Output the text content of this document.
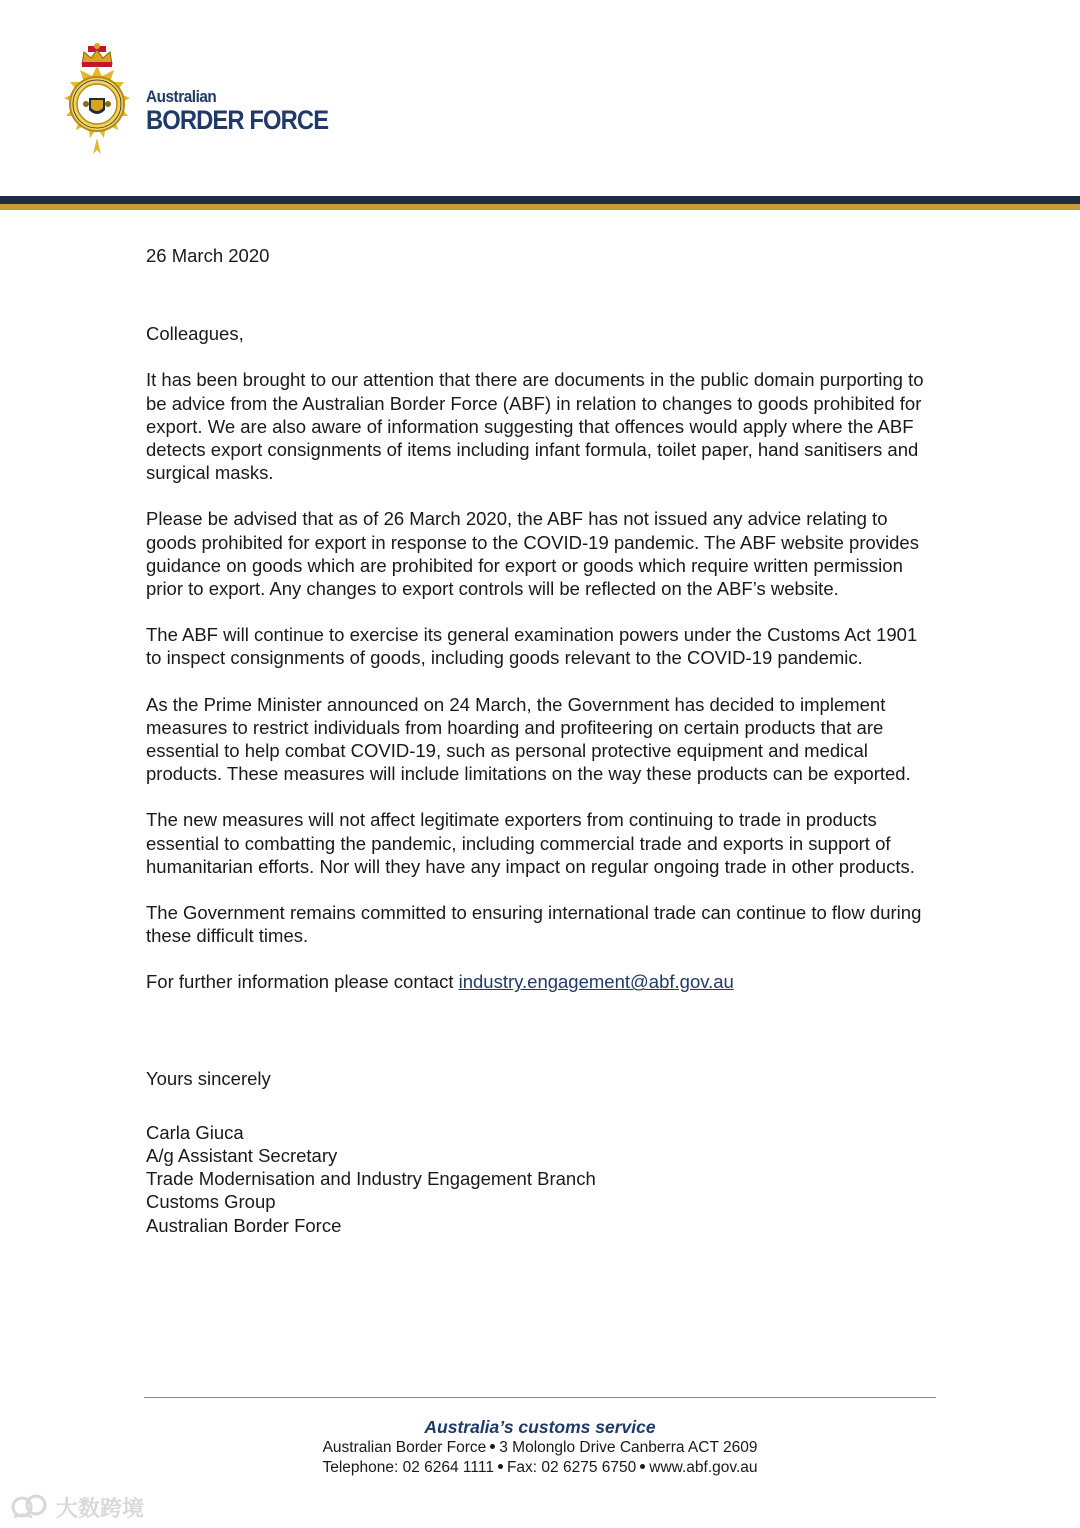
Australian
BORDER FORCE

26 March 2020

Colleagues,

It has been brought to our attention that there are documents in the public domain purporting to be advice from the Australian Border Force (ABF) in relation to changes to goods prohibited for export. We are also aware of information suggesting that offences would apply where the ABF detects export consignments of items including infant formula, toilet paper, hand sanitisers and surgical masks.

Please be advised that as of 26 March 2020, the ABF has not issued any advice relating to goods prohibited for export in response to the COVID-19 pandemic. The ABF website provides guidance on goods which are prohibited for export or goods which require written permission prior to export. Any changes to export controls will be reflected on the ABF’s website.

The ABF will continue to exercise its general examination powers under the Customs Act 1901 to inspect consignments of goods, including goods relevant to the COVID-19 pandemic.

As the Prime Minister announced on 24 March, the Government has decided to implement measures to restrict individuals from hoarding and profiteering on certain products that are essential to help combat COVID-19, such as personal protective equipment and medical products. These measures will include limitations on the way these products can be exported.

The new measures will not affect legitimate exporters from continuing to trade in products essential to combatting the pandemic, including commercial trade and exports in support of humanitarian efforts. Nor will they have any impact on regular ongoing trade in other products.

The Government remains committed to ensuring international trade can continue to flow during these difficult times.

For further information please contact industry.engagement@abf.gov.au

Yours sincerely

Carla Giuca

A/g Assistant Secretary

Trade Modernisation and Industry Engagement Branch

Customs Group

Australian Border Force

Australia’s customs service
Australian Border Force 3 Molonglo Drive Canberra ACT 2609
Telephone: 02 6264 1111 Fax: 02 6275 6750 www.abf.gov.au
大数跨境
